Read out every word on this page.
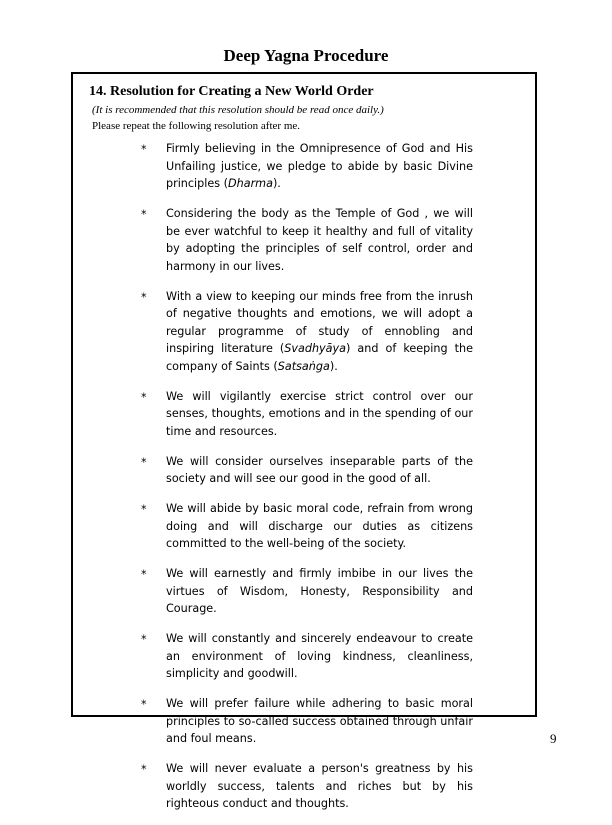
Deep Yagna Procedure
14. Resolution for Creating a New World Order
(It is recommended that this resolution should be read once daily.)
Please repeat the following resolution after me.
* Firmly believing in the Omnipresence of God and His Unfailing justice, we pledge to abide by basic Divine principles (Dharma).
* Considering the body as the Temple of God , we will be ever watchful to keep it healthy and full of vitality by adopting the principles of self control, order and harmony in our lives.
* With a view to keeping our minds free from the inrush of negative thoughts and emotions, we will adopt a regular programme of study of ennobling and inspiring literature (Svadhyāya) and of keeping the company of Saints (Satsaṅga).
* We will vigilantly exercise strict control over our senses, thoughts, emotions and in the spending of our time and resources.
* We will consider ourselves inseparable parts of the society and will see our good in the good of all.
* We will abide by basic moral code, refrain from wrong doing and will discharge our duties as citizens committed to the well-being of the society.
* We will earnestly and firmly imbibe in our lives the virtues of Wisdom, Honesty, Responsibility and Courage.
* We will constantly and sincerely endeavour to create an environment of loving kindness, cleanliness, simplicity and goodwill.
* We will prefer failure while adhering to basic moral principles to so-called success obtained through unfair and foul means.
* We will never evaluate a person's greatness by his worldly success, talents and riches but by his righteous conduct and thoughts.
9
